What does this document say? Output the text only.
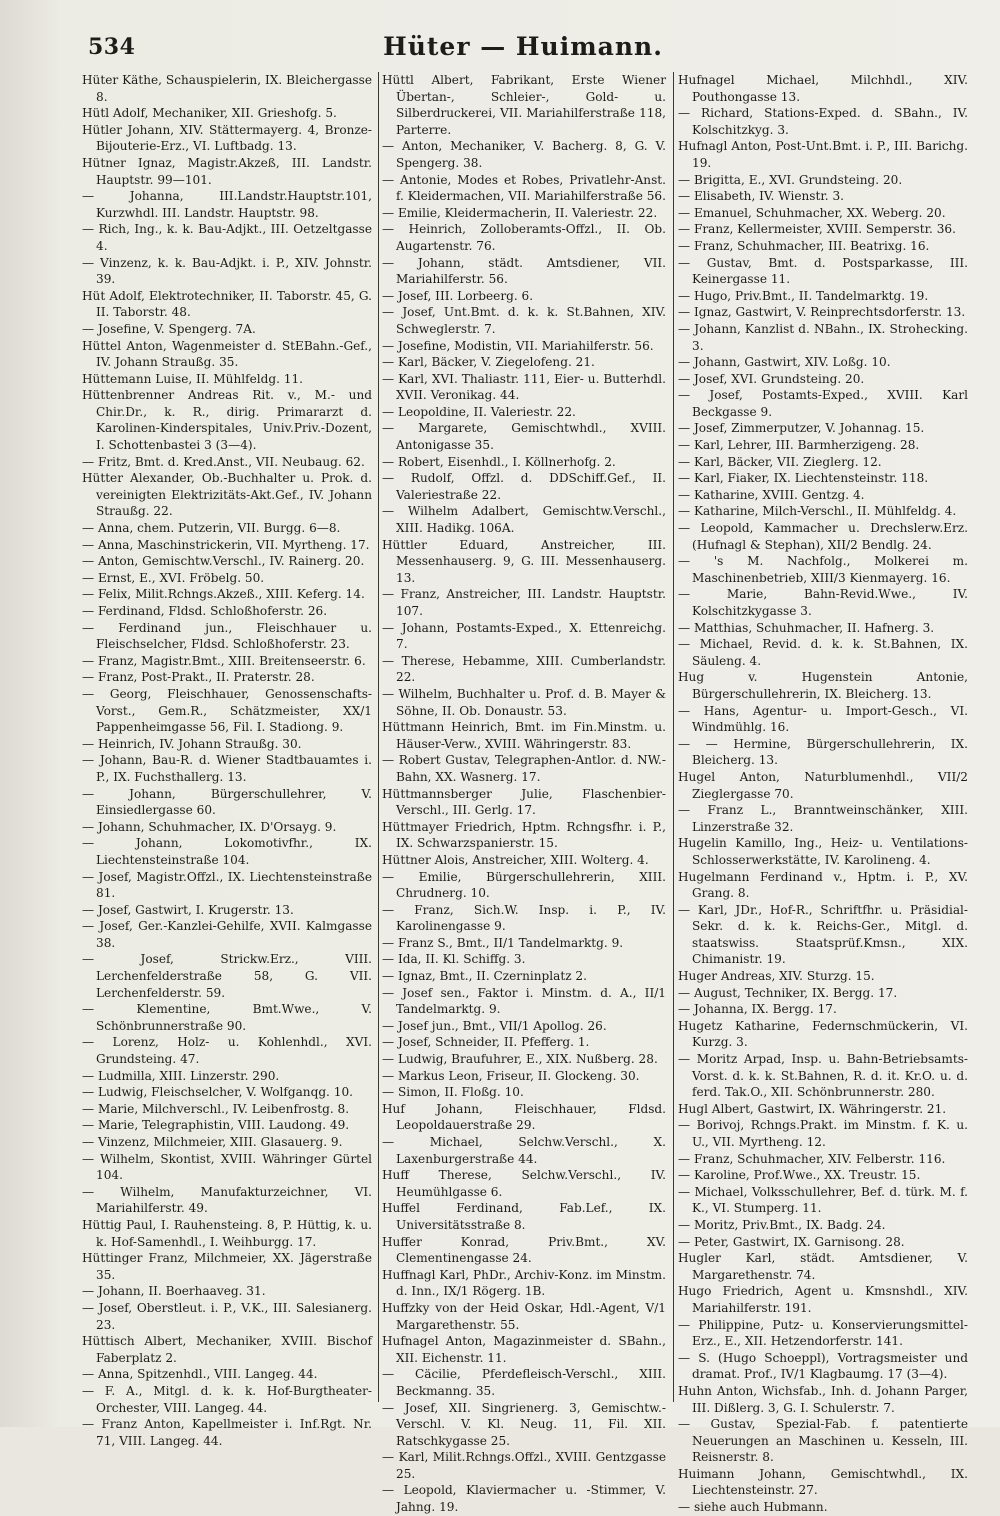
534	Hüter — Huimann.

Hüter Käthe, Schauspielerin, IX. Bleichergasse 8.

Hütl Adolf, Mechaniker, XII. Grieshofg. 5.

Hütler Johann, XIV. Stättermayerg. 4, Bronze-Bijouterie-Erz., VI. Luftbadg. 13.

Hütner Ignaz, Magistr.Akzeß, III. Landstr. Hauptstr. 99—101.

— Johanna, III.Landstr.Hauptstr.101, Kurzwhdl. III. Landstr. Hauptstr. 98.

— Rich, Ing., k. k. Bau-Adjkt., III. Oetzeltgasse 4.

— Vinzenz, k. k. Bau-Adjkt. i. P., XIV. Johnstr. 39.

Hüt Adolf, Elektrotechniker, II. Taborstr. 45, G. II. Taborstr. 48.

— Josefine, V. Spengerg. 7A.

Hüttel Anton, Wagenmeister d. StEBahn.-Gef., IV. Johann Straußg. 35.

Hüttemann Luise, II. Mühlfeldg. 11.

Hüttenbrenner Andreas Rit. v., M.- und Chir.Dr., k. R., dirig. Primararzt d. Karolinen-Kinderspitales, Univ.Priv.-Dozent, I. Schottenbastei 3 (3—4).

— Fritz, Bmt. d. Kred.Anst., VII. Neubaug. 62.

Hütter Alexander, Ob.-Buchhalter u. Prok. d. vereinigten Elektrizitäts-Akt.Gef., IV. Johann Straußg. 22.

— Anna, chem. Putzerin, VII. Burgg. 6—8.

— Anna, Maschinstrickerin, VII. Myrtheng. 17.

— Anton, Gemischtw.Verschl., IV. Rainerg. 20.

— Ernst, E., XVI. Fröbelg. 50.

— Felix, Milit.Rchngs.Akzeß., XIII. Keferg. 14.

— Ferdinand, Fldsd. Schloßhoferstr. 26.

— Ferdinand jun., Fleischhauer u. Fleischselcher, Fldsd. Schloßhoferstr. 23.

— Franz, Magistr.Bmt., XIII. Breitenseerstr. 6.

— Franz, Post-Prakt., II. Praterstr. 28.

— Georg, Fleischhauer, Genossenschafts-Vorst., Gem.R., Schätzmeister, XX/1 Pappenheimgasse 56, Fil. I. Stadiong. 9.

— Heinrich, IV. Johann Straußg. 30.

— Johann, Bau-R. d. Wiener Stadtbauamtes i. P., IX. Fuchsthallerg. 13.

— Johann, Bürgerschullehrer, V. Einsiedlergasse 60.

— Johann, Schuhmacher, IX. D'Orsayg. 9.

— Johann, Lokomotivfhr., IX. Liechtensteinstraße 104.

— Josef, Magistr.Offzl., IX. Liechtensteinstraße 81.

— Josef, Gastwirt, I. Krugerstr. 13.

— Josef, Ger.-Kanzlei-Gehilfe, XVII. Kalmgasse 38.

— Josef, Strickw.Erz., VIII. Lerchenfelderstraße 58, G. VII. Lerchenfelderstr. 59.

— Klementine, Bmt.Wwe., V. Schönbrunnerstraße 90.

— Lorenz, Holz- u. Kohlenhdl., XVI. Grundsteing. 47.

— Ludmilla, XIII. Linzerstr. 290.

— Ludwig, Fleischselcher, V. Wolfganqg. 10.

— Marie, Milchverschl., IV. Leibenfrostg. 8.

— Marie, Telegraphistin, VIII. Laudong. 49.

— Vinzenz, Milchmeier, XIII. Glasauerg. 9.

— Wilhelm, Skontist, XVIII. Währinger Gürtel 104.

— Wilhelm, Manufakturzeichner, VI. Mariahilferstr. 49.

Hüttig Paul, I. Rauhensteing. 8, P. Hüttig, k. u. k. Hof-Samenhdl., I. Weihburgg. 17.

Hüttinger Franz, Milchmeier, XX. Jägerstraße 35.

— Johann, II. Boerhaaveg. 31.

— Josef, Oberstleut. i. P., V.K., III. Salesianerg. 23.

Hüttisch Albert, Mechaniker, XVIII. Bischof Faberplatz 2.

— Anna, Spitzenhdl., VIII. Langeg. 44.

— F. A., Mitgl. d. k. k. Hof-Burgtheater-Orchester, VIII. Langeg. 44.

— Franz Anton, Kapellmeister i. Inf.Rgt. Nr. 71, VIII. Langeg. 44.

Hüttl Albert, Fabrikant, Erste Wiener Übertan-, Schleier-, Gold- u. Silberdruckerei, VII. Mariahilferstraße 118, Parterre.

— Anton, Mechaniker, V. Bacherg. 8, G. V. Spengerg. 38.

— Antonie, Modes et Robes, Privatlehr-Anst. f. Kleidermachen, VII. Mariahilferstraße 56.

— Emilie, Kleidermacherin, II. Valeriestr. 22.

— Heinrich, Zolloberamts-Offzl., II. Ob. Augartenstr. 76.

— Johann, städt. Amtsdiener, VII. Mariahilferstr. 56.

— Josef, III. Lorbeerg. 6.

— Josef, Unt.Bmt. d. k. k. St.Bahnen, XIV. Schweglerstr. 7.

— Josefine, Modistin, VII. Mariahilferstr. 56.

— Karl, Bäcker, V. Ziegelofeng. 21.

— Karl, XVI. Thaliastr. 111, Eier- u. Butterhdl. XVII. Veronikag. 44.

— Leopoldine, II. Valeriestr. 22.

— Margarete, Gemischtwhdl., XVIII. Antonigasse 35.

— Robert, Eisenhdl., I. Köllnerhofg. 2.

— Rudolf, Offzl. d. DDSchiff.Gef., II. Valeriestraße 22.

— Wilhelm Adalbert, Gemischtw.Verschl., XIII. Hadikg. 106A.

Hüttler Eduard, Anstreicher, III. Messenhauserg. 9, G. III. Messenhauserg. 13.

— Franz, Anstreicher, III. Landstr. Hauptstr. 107.

— Johann, Postamts-Exped., X. Ettenreichg. 7.

— Therese, Hebamme, XIII. Cumberlandstr. 22.

— Wilhelm, Buchhalter u. Prof. d. B. Mayer & Söhne, II. Ob. Donaustr. 53.

Hüttmann Heinrich, Bmt. im Fin.Minstm. u. Häuser-Verw., XVIII. Währingerstr. 83.

— Robert Gustav, Telegraphen-Antlor. d. NW.-Bahn, XX. Wasnerg. 17.

Hüttmannsberger Julie, Flaschenbier-Verschl., III. Gerlg. 17.

Hüttmayer Friedrich, Hptm. Rchngsfhr. i. P., IX. Schwarzspanierstr. 15.

Hüttner Alois, Anstreicher, XIII. Wolterg. 4.

— Emilie, Bürgerschullehrerin, XIII. Chrudnerg. 10.

— Franz, Sich.W. Insp. i. P., IV. Karolinengasse 9.

— Franz S., Bmt., II/1 Tandelmarktg. 9.

— Ida, II. Kl. Schiffg. 3.

— Ignaz, Bmt., II. Czerninplatz 2.

— Josef sen., Faktor i. Minstm. d. A., II/1 Tandelmarktg. 9.

— Josef jun., Bmt., VII/1 Apollog. 26.

— Josef, Schneider, II. Pfefferg. 1.

— Ludwig, Braufuhrer, E., XIX. Nußberg. 28.

— Markus Leon, Friseur, II. Glockeng. 30.

— Simon, II. Floßg. 10.

Huf Johann, Fleischhauer, Fldsd. Leopoldauerstraße 29.

— Michael, Selchw.Verschl., X. Laxenburgerstraße 44.

Huff Therese, Selchw.Verschl., IV. Heumühlgasse 6.

Huffel Ferdinand, Fab.Lef., IX. Universitätsstraße 8.

Huffer Konrad, Priv.Bmt., XV. Clementinengasse 24.

Huffnagl Karl, PhDr., Archiv-Konz. im Minstm. d. Inn., IX/1 Rögerg. 1B.

Huffzky von der Heid Oskar, Hdl.-Agent, V/1 Margarethenstr. 55.

Hufnagel Anton, Magazinmeister d. SBahn., XII. Eichenstr. 11.

— Cäcilie, Pferdefleisch-Verschl., XIII. Beckmanng. 35.

— Josef, XII. Singrienerg. 3, Gemischtw.-Verschl. V. Kl. Neug. 11, Fil. XII. Ratschkygasse 25.

— Karl, Milit.Rchngs.Offzl., XVIII. Gentzgasse 25.

— Leopold, Klaviermacher u. -Stimmer, V. Jahng. 19.

Hufnagel Michael, Milchhdl., XIV. Pouthongasse 13.

— Richard, Stations-Exped. d. SBahn., IV. Kolschitzkyg. 3.

Hufnagl Anton, Post-Unt.Bmt. i. P., III. Barichg. 19.

— Brigitta, E., XVI. Grundsteing. 20.

— Elisabeth, IV. Wienstr. 3.

— Emanuel, Schuhmacher, XX. Weberg. 20.

— Franz, Kellermeister, XVIII. Semperstr. 36.

— Franz, Schuhmacher, III. Beatrixg. 16.

— Gustav, Bmt. d. Postsparkasse, III. Keinergasse 11.

— Hugo, Priv.Bmt., II. Tandelmarktg. 19.

— Ignaz, Gastwirt, V. Reinprechtsdorferstr. 13.

— Johann, Kanzlist d. NBahn., IX. Strohecking. 3.

— Johann, Gastwirt, XIV. Loßg. 10.

— Josef, XVI. Grundsteing. 20.

— Josef, Postamts-Exped., XVIII. Karl Beckgasse 9.

— Josef, Zimmerputzer, V. Johannag. 15.

— Karl, Lehrer, III. Barmherzigeng. 28.

— Karl, Bäcker, VII. Zieglerg. 12.

— Karl, Fiaker, IX. Liechtensteinstr. 118.

— Katharine, XVIII. Gentzg. 4.

— Katharine, Milch-Verschl., II. Mühlfeldg. 4.

— Leopold, Kammacher u. Drechslerw.Erz. (Hufnagl & Stephan), XII/2 Bendlg. 24.

— 's M. Nachfolg., Molkerei m. Maschinenbetrieb, XIII/3 Kienmayerg. 16.

— Marie, Bahn-Revid.Wwe., IV. Kolschitzkygasse 3.

— Matthias, Schuhmacher, II. Hafnerg. 3.

— Michael, Revid. d. k. k. St.Bahnen, IX. Säuleng. 4.

Hug v. Hugenstein Antonie, Bürgerschullehrerin, IX. Bleicherg. 13.

— Hans, Agentur- u. Import-Gesch., VI. Windmühlg. 16.

— — Hermine, Bürgerschullehrerin, IX. Bleicherg. 13.

Hugel Anton, Naturblumenhdl., VII/2 Zieglergasse 70.

— Franz L., Branntweinschänker, XIII. Linzerstraße 32.

Hugelin Kamillo, Ing., Heiz- u. Ventilations-Schlosserwerkstätte, IV. Karolineng. 4.

Hugelmann Ferdinand v., Hptm. i. P., XV. Grang. 8.

— Karl, JDr., Hof-R., Schriftfhr. u. Präsidial-Sekr. d. k. k. Reichs-Ger., Mitgl. d. staatswiss. Staatsprüf.Kmsn., XIX. Chimanistr. 19.

Huger Andreas, XIV. Sturzg. 15.

— August, Techniker, IX. Bergg. 17.

— Johanna, IX. Bergg. 17.

Hugetz Katharine, Federnschmückerin, VI. Kurzg. 3.

— Moritz Arpad, Insp. u. Bahn-Betriebsamts-Vorst. d. k. k. St.Bahnen, R. d. it. Kr.O. u. d. ferd. Tak.O., XII. Schönbrunnerstr. 280.

Hugl Albert, Gastwirt, IX. Währingerstr. 21.

— Borivoj, Rchngs.Prakt. im Minstm. f. K. u. U., VII. Myrtheng. 12.

— Franz, Schuhmacher, XIV. Felberstr. 116.

— Karoline, Prof.Wwe., XX. Treustr. 15.

— Michael, Volksschullehrer, Bef. d. türk. M. f. K., VI. Stumperg. 11.

— Moritz, Priv.Bmt., IX. Badg. 24.

— Peter, Gastwirt, IX. Garnisong. 28.

Hugler Karl, städt. Amtsdiener, V. Margarethenstr. 74.

Hugo Friedrich, Agent u. Kmsnshdl., XIV. Mariahilferstr. 191.

— Philippine, Putz- u. Konservierungsmittel-Erz., E., XII. Hetzendorferstr. 141.

— S. (Hugo Schoeppl), Vortragsmeister und dramat. Prof., IV/1 Klagbaumg. 17 (3—4).

Huhn Anton, Wichsfab., Inh. d. Johann Parger, III. Dißlerg. 3, G. I. Schulerstr. 7.

— Gustav, Spezial-Fab. f. patentierte Neuerungen an Maschinen u. Kesseln, III. Reisnerstr. 8.

Huimann Johann, Gemischtwhdl., IX. Liechtensteinstr. 27.

— siehe auch Hubmann.
